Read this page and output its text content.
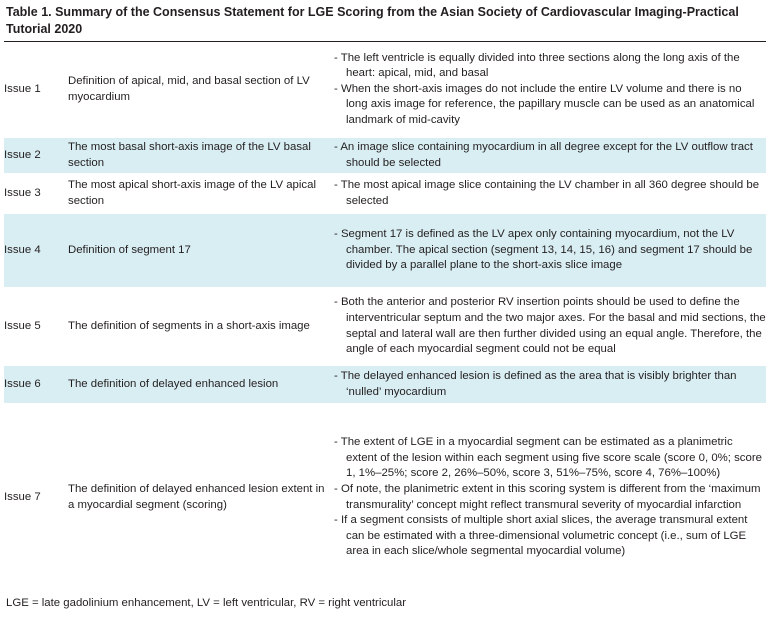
Table 1. Summary of the Consensus Statement for LGE Scoring from the Asian Society of Cardiovascular Imaging-Practical Tutorial 2020
Issue 1	Definition of apical, mid, and basal section of LV myocardium	- The left ventricle is equally divided into three sections along the long axis of the heart: apical, mid, and basal

- When the short-axis images do not include the entire LV volume and there is no long axis image for reference, the papillary muscle can be used as an anatomical landmark of mid-cavity

Issue 2	The most basal short-axis image of the LV basal section	- An image slice containing myocardium in all degree except for the LV outflow tract should be selected

Issue 3	The most apical short-axis image of the LV apical section	- The most apical image slice containing the LV chamber in all 360 degree should be selected

Issue 4	Definition of segment 17	- Segment 17 is defined as the LV apex only containing myocardium, not the LV chamber. The apical section (segment 13, 14, 15, 16) and segment 17 should be divided by a parallel plane to the short-axis slice image

Issue 5	The definition of segments in a short-axis image	- Both the anterior and posterior RV insertion points should be used to define the interventricular septum and the two major axes. For the basal and mid sections, the septal and lateral wall are then further divided using an equal angle. Therefore, the angle of each myocardial segment could not be equal

Issue 6	The definition of delayed enhanced lesion	- The delayed enhanced lesion is defined as the area that is visibly brighter than ‘nulled’ myocardium

Issue 7	The definition of delayed enhanced lesion extent in a myocardial segment (scoring)	- The extent of LGE in a myocardial segment can be estimated as a planimetric extent of the lesion within each segment using five score scale (score 0, 0%; score 1, 1%–25%; score 2, 26%–50%, score 3, 51%–75%, score 4, 76%–100%)

- Of note, the planimetric extent in this scoring system is different from the ‘maximum transmurality’ concept might reflect transmural severity of myocardial infarction

- If a segment consists of multiple short axial slices, the average transmural extent can be estimated with a three-dimensional volumetric concept (i.e., sum of LGE area in each slice/whole segmental myocardial volume)

LGE = late gadolinium enhancement, LV = left ventricular, RV = right ventricular
